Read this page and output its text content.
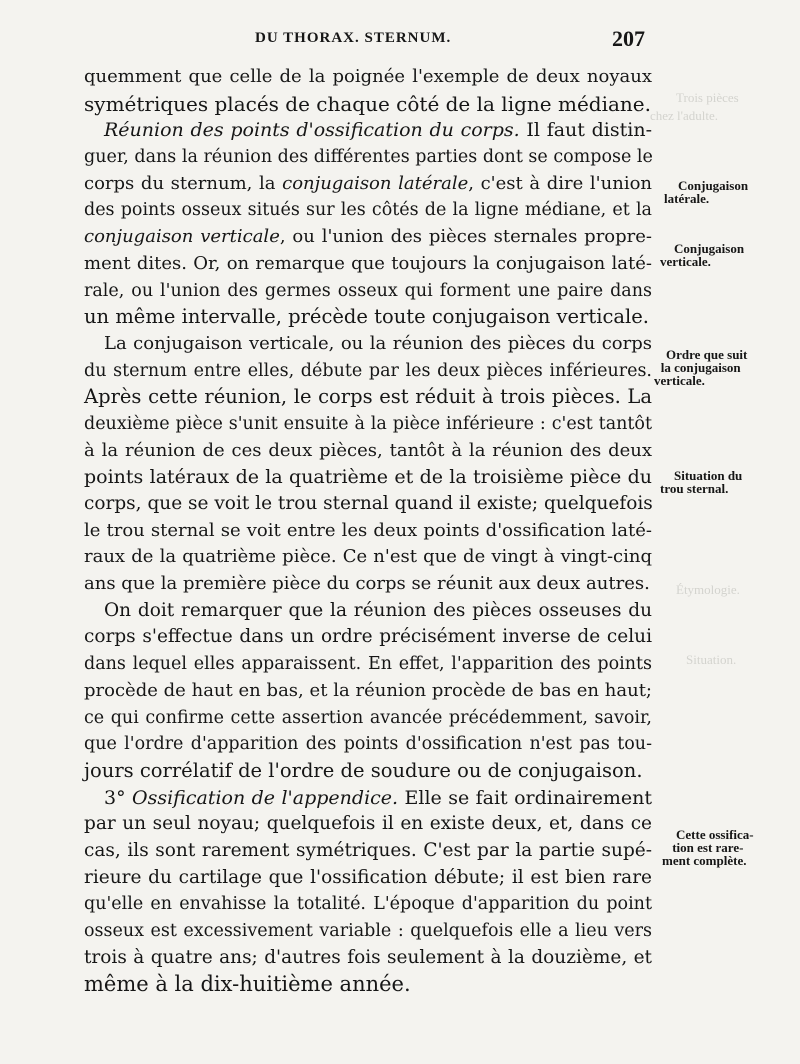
DU THORAX. STERNUM.	207
quemment que celle de la poignée l'exemple de deux noyaux
symétriques placés de chaque côté de la ligne médiane.
Réunion des points d'ossification du corps. Il faut distin-
guer, dans la réunion des différentes parties dont se compose le
corps du sternum, la conjugaison latérale, c'est à dire l'union
des points osseux situés sur les côtés de la ligne médiane, et la
conjugaison verticale, ou l'union des pièces sternales propre-
ment dites. Or, on remarque que toujours la conjugaison laté-
rale, ou l'union des germes osseux qui forment une paire dans
un même intervalle, précède toute conjugaison verticale.
La conjugaison verticale, ou la réunion des pièces du corps
du sternum entre elles, débute par les deux pièces inférieures.
Après cette réunion, le corps est réduit à trois pièces. La
deuxième pièce s'unit ensuite à la pièce inférieure : c'est tantôt
à la réunion de ces deux pièces, tantôt à la réunion des deux
points latéraux de la quatrième et de la troisième pièce du
corps, que se voit le trou sternal quand il existe; quelquefois
le trou sternal se voit entre les deux points d'ossification laté-
raux de la quatrième pièce. Ce n'est que de vingt à vingt-cinq
ans que la première pièce du corps se réunit aux deux autres.
On doit remarquer que la réunion des pièces osseuses du
corps s'effectue dans un ordre précisément inverse de celui
dans lequel elles apparaissent. En effet, l'apparition des points
procède de haut en bas, et la réunion procède de bas en haut;
ce qui confirme cette assertion avancée précédemment, savoir,
que l'ordre d'apparition des points d'ossification n'est pas tou-
jours corrélatif de l'ordre de soudure ou de conjugaison.
3° Ossification de l'appendice. Elle se fait ordinairement
par un seul noyau; quelquefois il en existe deux, et, dans ce
cas, ils sont rarement symétriques. C'est par la partie supé-
rieure du cartilage que l'ossification débute; il est bien rare
qu'elle en envahisse la totalité. L'époque d'apparition du point
osseux est excessivement variable : quelquefois elle a lieu vers
trois à quatre ans; d'autres fois seulement à la douzième, et
même à la dix-huitième année.
Conjugaison
latérale.
Conjugaison
verticale.
Ordre que suit
la conjugaison
verticale.
Situation du
trou sternal.
Cette ossifica-
tion est rare-
ment complète.
Trois pièces
chez l'adulte.
Étymologie.
Situation.
